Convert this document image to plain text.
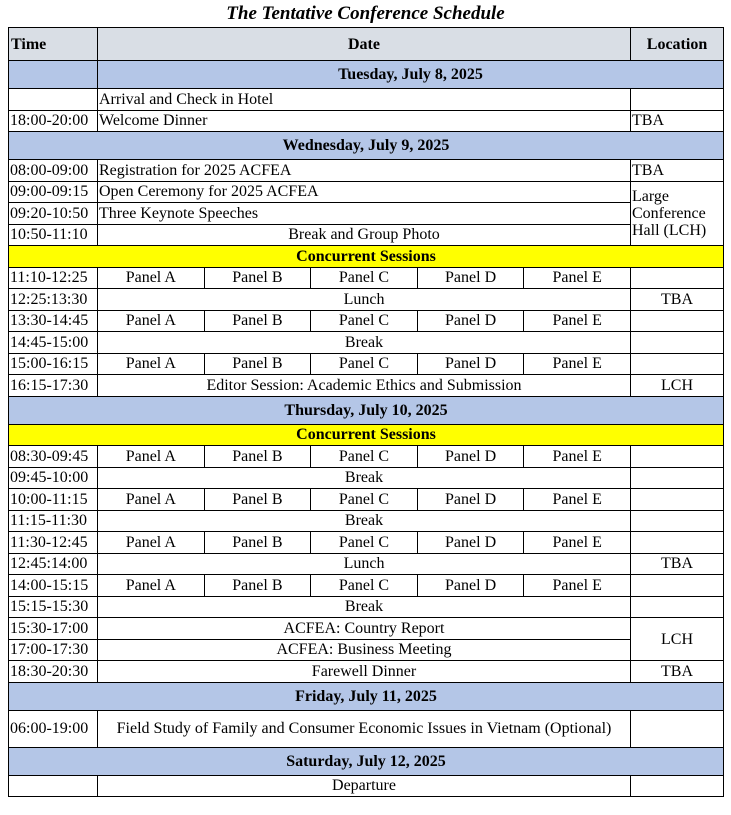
The Tentative Conference Schedule
Time	Date					Location
	Tuesday, July 8, 2025					
	Arrival and Check in Hotel					
18:00-20:00	Welcome Dinner					TBA
Wednesday, July 9, 2025						
08:00-09:00	Registration for 2025 ACFEA					TBA
09:00-09:15	Open Ceremony for 2025 ACFEA					Large Conference Hall (LCH)
09:20-10:50	Three Keynote Speeches					
10:50-11:10	Break and Group Photo					
Concurrent Sessions						
11:10-12:25	Panel A	Panel B	Panel C	Panel D	Panel E	
12:25:13:30	Lunch					TBA
13:30-14:45	Panel A	Panel B	Panel C	Panel D	Panel E	
14:45-15:00	Break					
15:00-16:15	Panel A	Panel B	Panel C	Panel D	Panel E	
16:15-17:30	Editor Session: Academic Ethics and Submission					LCH
Thursday, July 10, 2025						
Concurrent Sessions						
08:30-09:45	Panel A	Panel B	Panel C	Panel D	Panel E	
09:45-10:00	Break					
10:00-11:15	Panel A	Panel B	Panel C	Panel D	Panel E	
11:15-11:30	Break					
11:30-12:45	Panel A	Panel B	Panel C	Panel D	Panel E	
12:45:14:00	Lunch					TBA
14:00-15:15	Panel A	Panel B	Panel C	Panel D	Panel E	
15:15-15:30	Break					
15:30-17:00	ACFEA: Country Report					LCH
17:00-17:30	ACFEA: Business Meeting					
18:30-20:30	Farewell Dinner					TBA
Friday, July 11, 2025						
06:00-19:00	Field Study of Family and Consumer Economic Issues in Vietnam (Optional)					
Saturday, July 12, 2025						
	Departure					
